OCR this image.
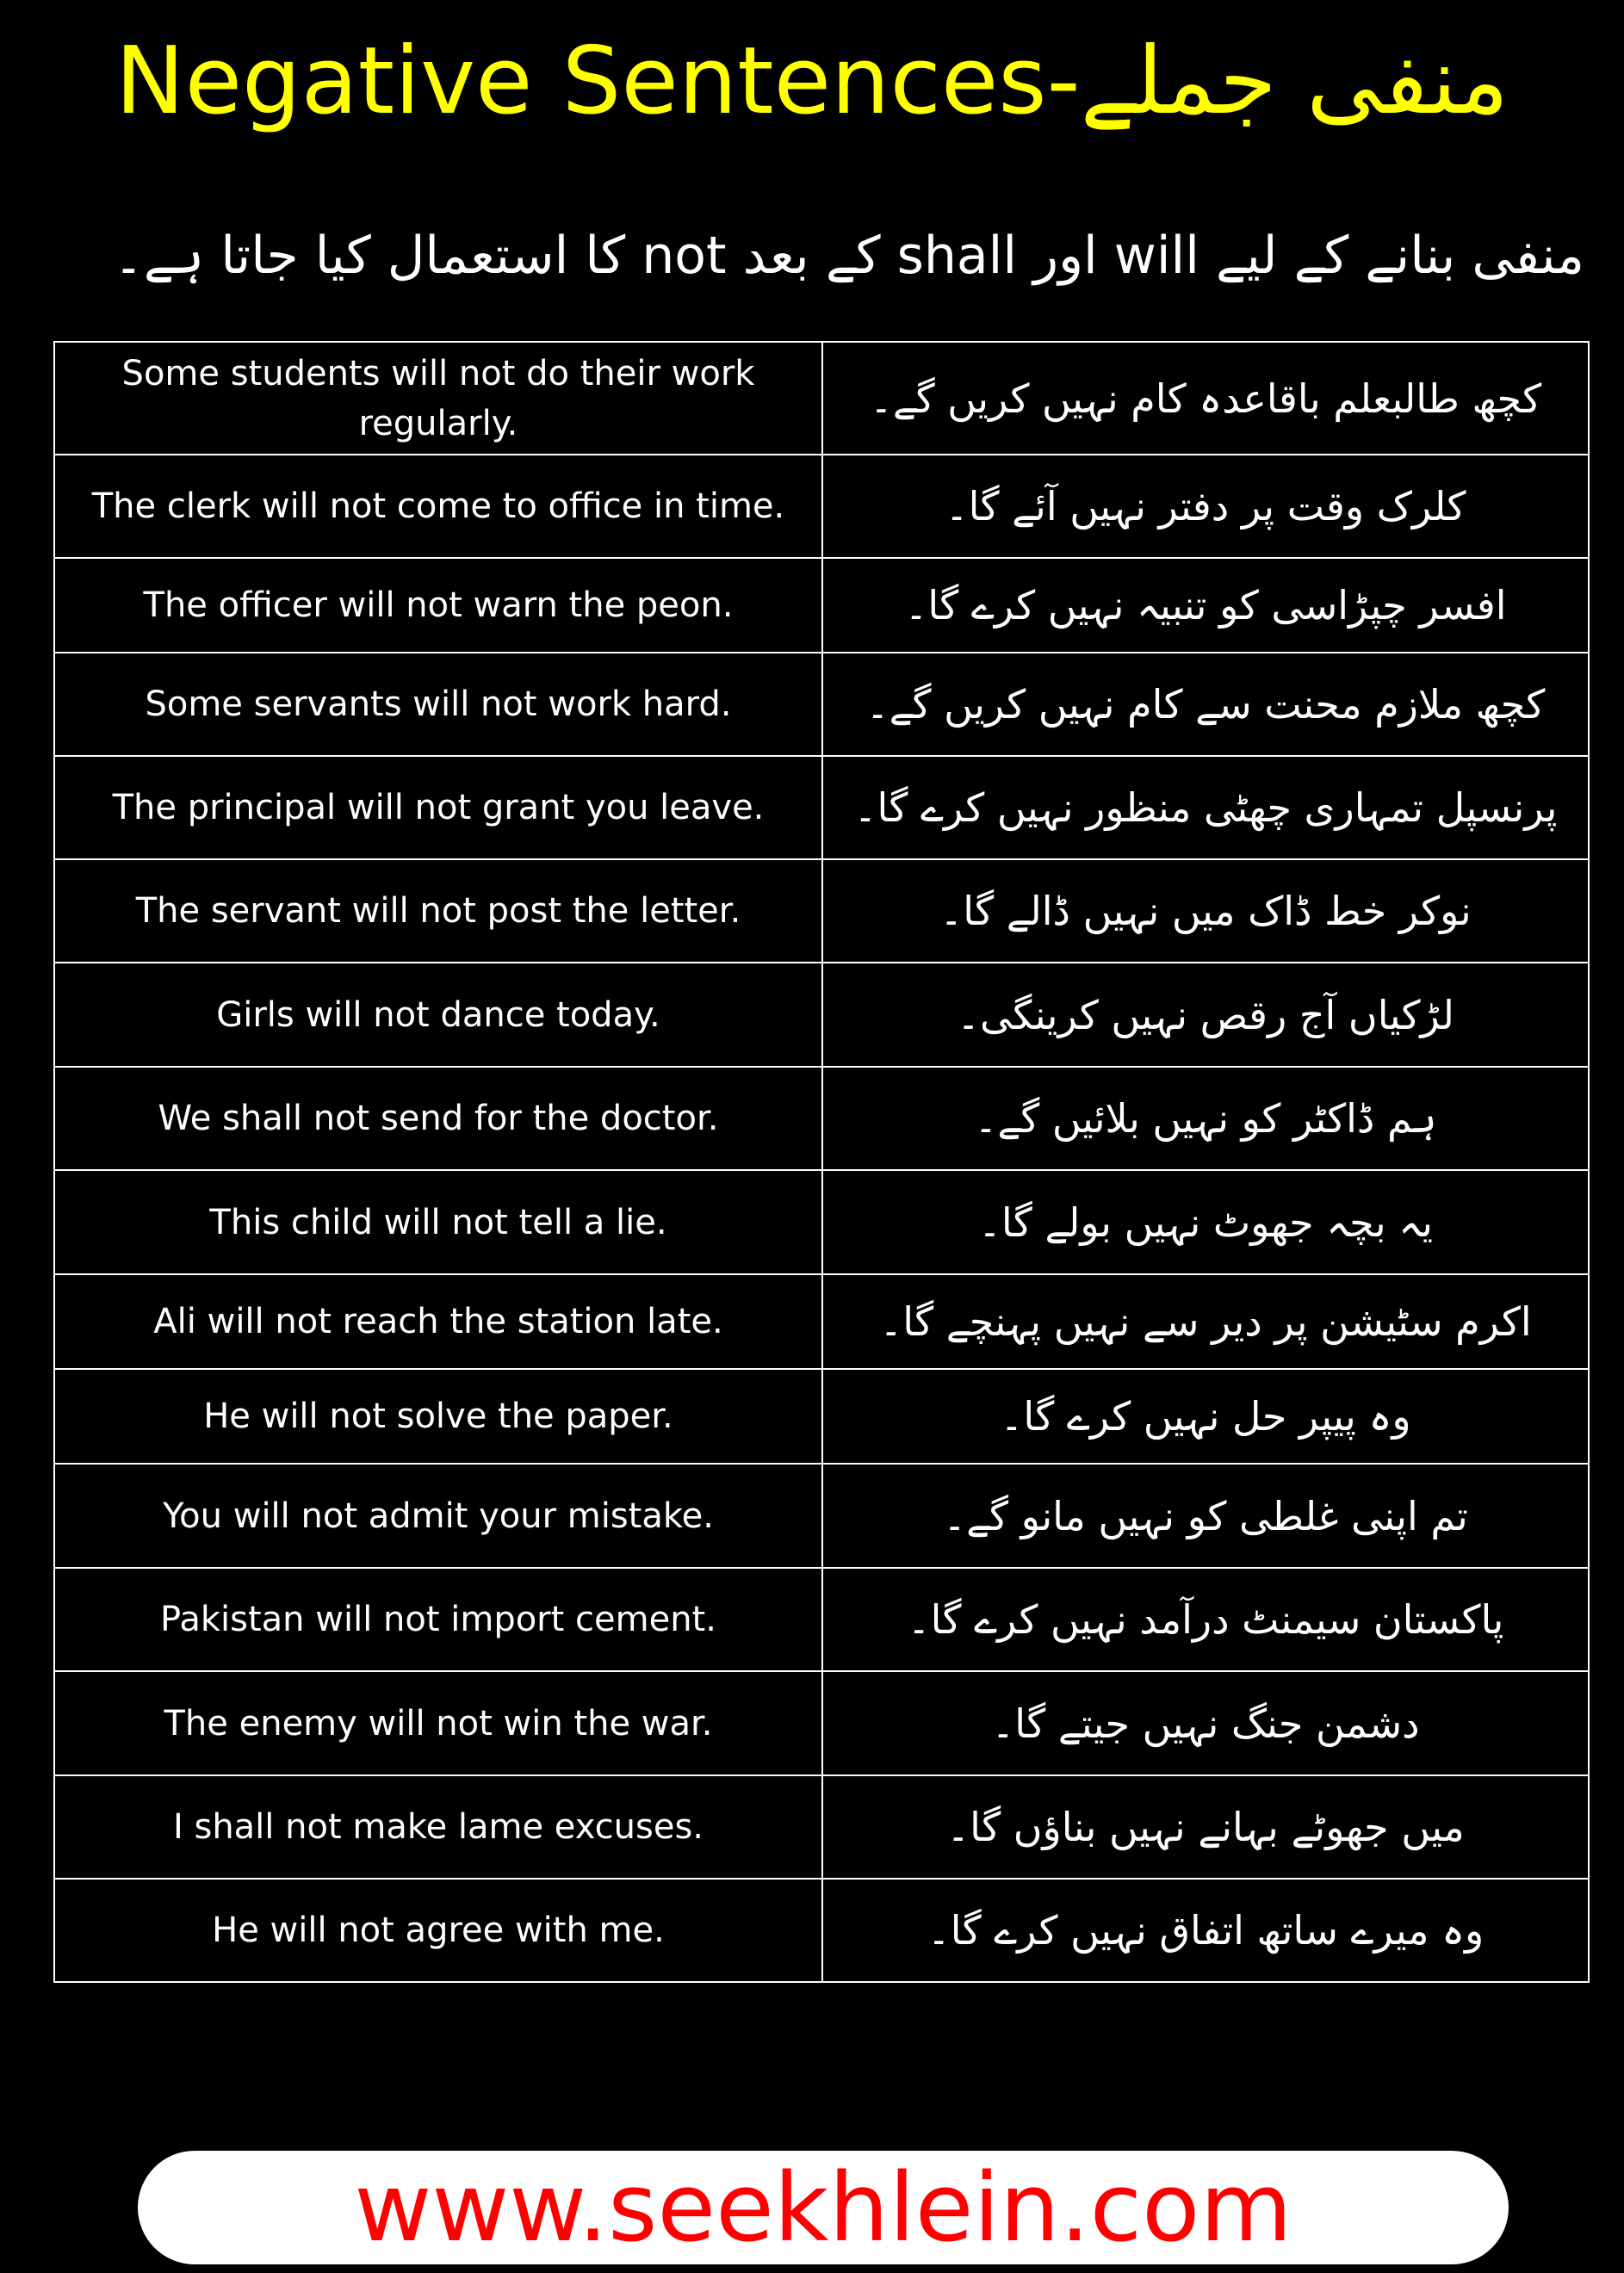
Negative Sentences-منفی جملے
منفی بنانے کے لیے will اور shall کے بعد not کا استعمال کیا جاتا ہے۔
Some students will not do their work regularly.	کچھ طالبعلم باقاعدہ کام نہیں کریں گے۔
The clerk will not come to office in time.	کلرک وقت پر دفتر نہیں آئے گا۔
The officer will not warn the peon.	افسر چپڑاسی کو تنبیہ نہیں کرے گا۔
Some servants will not work hard.	کچھ ملازم محنت سے کام نہیں کریں گے۔
The principal will not grant you leave.	پرنسپل تمہاری چھٹی منظور نہیں کرے گا۔
The servant will not post the letter.	نوکر خط ڈاک میں نہیں ڈالے گا۔
Girls will not dance today.	لڑکیاں آج رقص نہیں کرینگی۔
We shall not send for the doctor.	ہم ڈاکٹر کو نہیں بلائیں گے۔
This child will not tell a lie.	یہ بچہ جھوٹ نہیں بولے گا۔
Ali will not reach the station late.	اکرم سٹیشن پر دیر سے نہیں پہنچے گا۔
He will not solve the paper.	وہ پیپر حل نہیں کرے گا۔
You will not admit your mistake.	تم اپنی غلطی کو نہیں مانو گے۔
Pakistan will not import cement.	پاکستان سیمنٹ درآمد نہیں کرے گا۔
The enemy will not win the war.	دشمن جنگ نہیں جیتے گا۔
I shall not make lame excuses.	میں جھوٹے بہانے نہیں بناؤں گا۔
He will not agree with me.	وہ میرے ساتھ اتفاق نہیں کرے گا۔
www.seekhlein.com
